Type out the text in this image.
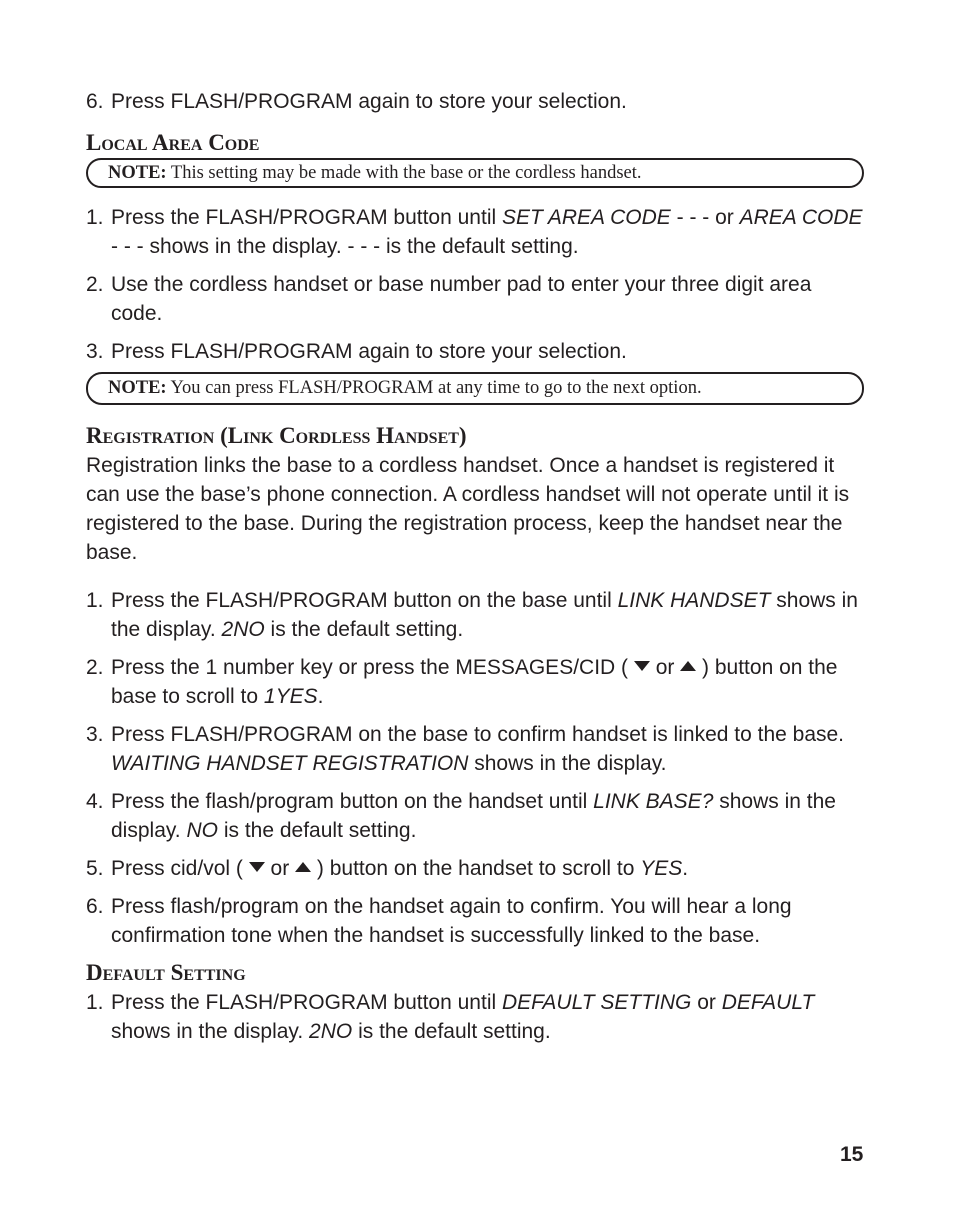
6. Press FLASH/PROGRAM again to store your selection.

Local Area Code
NOTE: This setting may be made with the base or the cordless handset.

1. Press the FLASH/PROGRAM button until SET AREA CODE - - - or AREA CODE - - - shows in the display. - - - is the default setting.

2. Use the cordless handset or base number pad to enter your three digit area code.

3. Press FLASH/PROGRAM again to store your selection.

NOTE: You can press FLASH/PROGRAM at any time to go to the next option.
Registration (Link Cordless Handset)

Registration links the base to a cordless handset. Once a handset is registered it can use the base’s phone connection. A cordless handset will not operate until it is registered to the base. During the registration process, keep the handset near the base.

1. Press the FLASH/PROGRAM button on the base until LINK HANDSET shows in the display. 2NO is the default setting.

2. Press the 1 number key or press the MESSAGES/CID (  or  ) button on the base to scroll to 1YES.

3. Press FLASH/PROGRAM on the base to confirm handset is linked to the base. WAITING HANDSET REGISTRATION shows in the display.

4. Press the flash/program button on the handset until LINK BASE? shows in the display. NO is the default setting.

5. Press cid/vol (  or  ) button on the handset to scroll to YES.

6. Press flash/program on the handset again to confirm. You will hear a long confirmation tone when the handset is successfully linked to the base.

Default Setting

1. Press the FLASH/PROGRAM button until DEFAULT SETTING or DEFAULT shows in the display. 2NO is the default setting.

15
